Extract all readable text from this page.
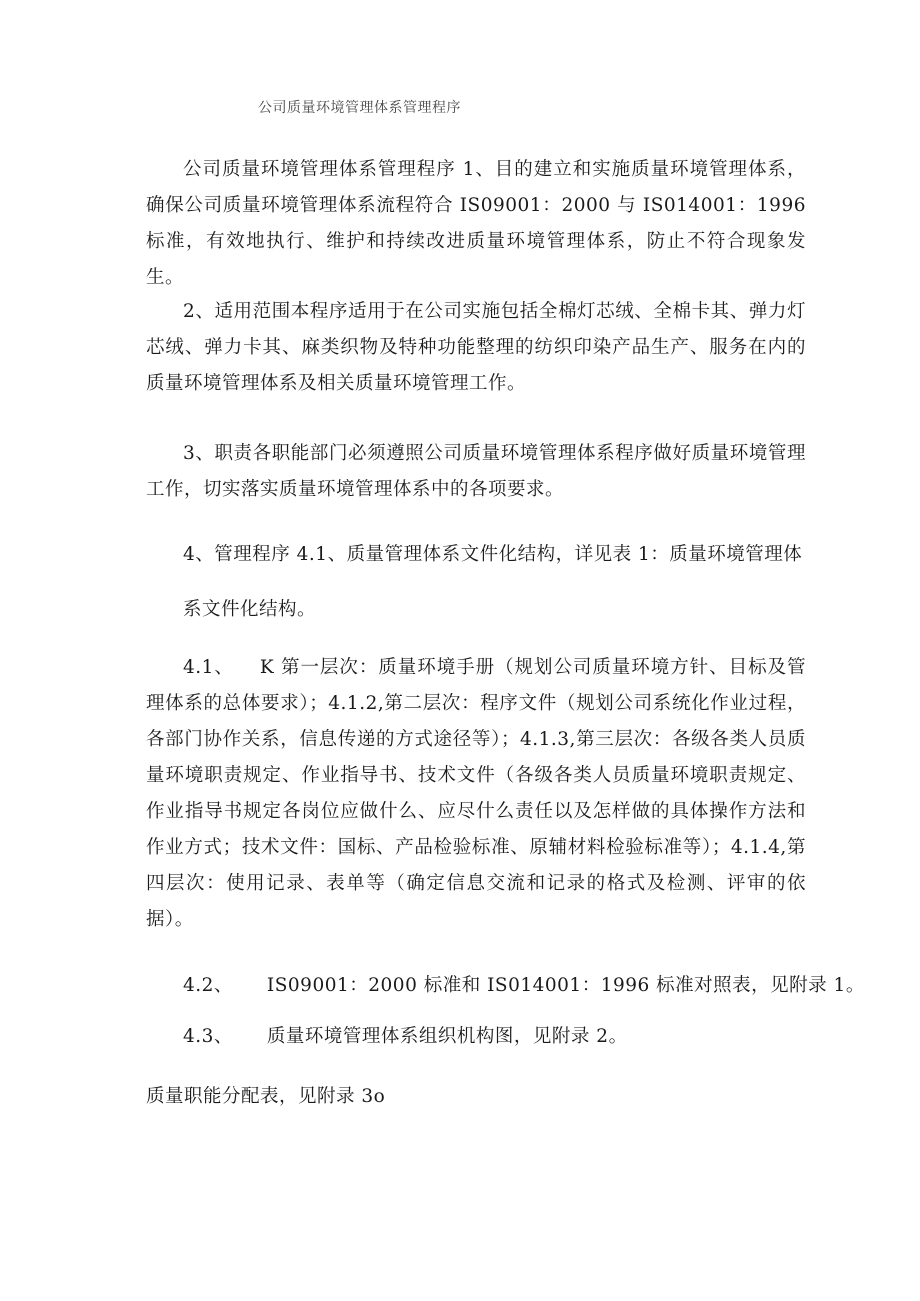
公司质量环境管理体系管理程序

公司质量环境管理体系管理程序 1、目的建立和实施质量环境管理体系，确保公司质量环境管理体系流程符合 IS09001：2000 与 IS014001：1996 标准，有效地执行、维护和持续改进质量环境管理体系，防止不符合现象发生。

2、适用范围本程序适用于在公司实施包括全棉灯芯绒、全棉卡其、弹力灯芯绒、弹力卡其、麻类织物及特种功能整理的纺织印染产品生产、服务在内的质量环境管理体系及相关质量环境管理工作。

3、职责各职能部门必须遵照公司质量环境管理体系程序做好质量环境管理工作，切实落实质量环境管理体系中的各项要求。

4、管理程序 4.1、质量管理体系文件化结构，详见表 1：质量环境管理体

系文件化结构。

4.1、 K 第一层次：质量环境手册（规划公司质量环境方针、目标及管理体系的总体要求）；4.1.2,第二层次：程序文件（规划公司系统化作业过程，各部门协作关系，信息传递的方式途径等）；4.1.3,第三层次：各级各类人员质量环境职责规定、作业指导书、技术文件（各级各类人员质量环境职责规定、作业指导书规定各岗位应做什么、应尽什么责任以及怎样做的具体操作方法和作业方式；技术文件：国标、产品检验标准、原辅材料检验标准等）；4.1.4,第四层次：使用记录、表单等（确定信息交流和记录的格式及检测、评审的依据）。

4.2、 IS09001：2000 标准和 IS014001：1996 标准对照表，见附录 1。

4.3、 质量环境管理体系组织机构图，见附录 2。

质量职能分配表，见附录 3o
